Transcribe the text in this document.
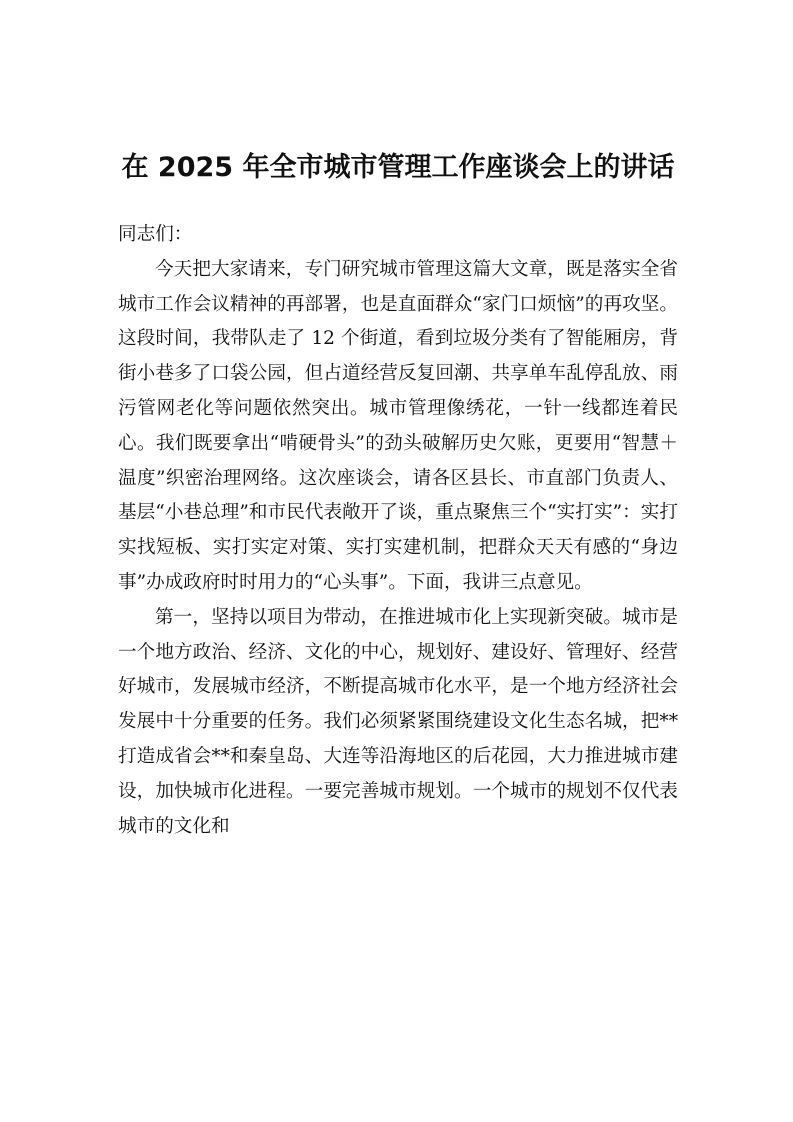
在 2025 年全市城市管理工作座谈会上的讲话

同志们：

今天把大家请来，专门研究城市管理这篇大文章，既是落实全省城市工作会议精神的再部署，也是直面群众“家门口烦恼”的再攻坚。这段时间，我带队走了 12 个街道，看到垃圾分类有了智能厢房，背街小巷多了口袋公园，但占道经营反复回潮、共享单车乱停乱放、雨污管网老化等问题依然突出。城市管理像绣花，一针一线都连着民心。我们既要拿出“啃硬骨头”的劲头破解历史欠账，更要用“智慧＋温度”织密治理网络。这次座谈会，请各区县长、市直部门负责人、基层“小巷总理”和市民代表敞开了谈，重点聚焦三个“实打实”：实打实找短板、实打实定对策、实打实建机制，把群众天天有感的“身边事”办成政府时时用力的“心头事”。下面，我讲三点意见。

第一，坚持以项目为带动，在推进城市化上实现新突破。城市是一个地方政治、经济、文化的中心，规划好、建设好、管理好、经营好城市，发展城市经济，不断提高城市化水平，是一个地方经济社会发展中十分重要的任务。我们必须紧紧围绕建设文化生态名城，把**打造成省会**和秦皇岛、大连等沿海地区的后花园，大力推进城市建设，加快城市化进程。一要完善城市规划。一个城市的规划不仅代表城市的文化和
